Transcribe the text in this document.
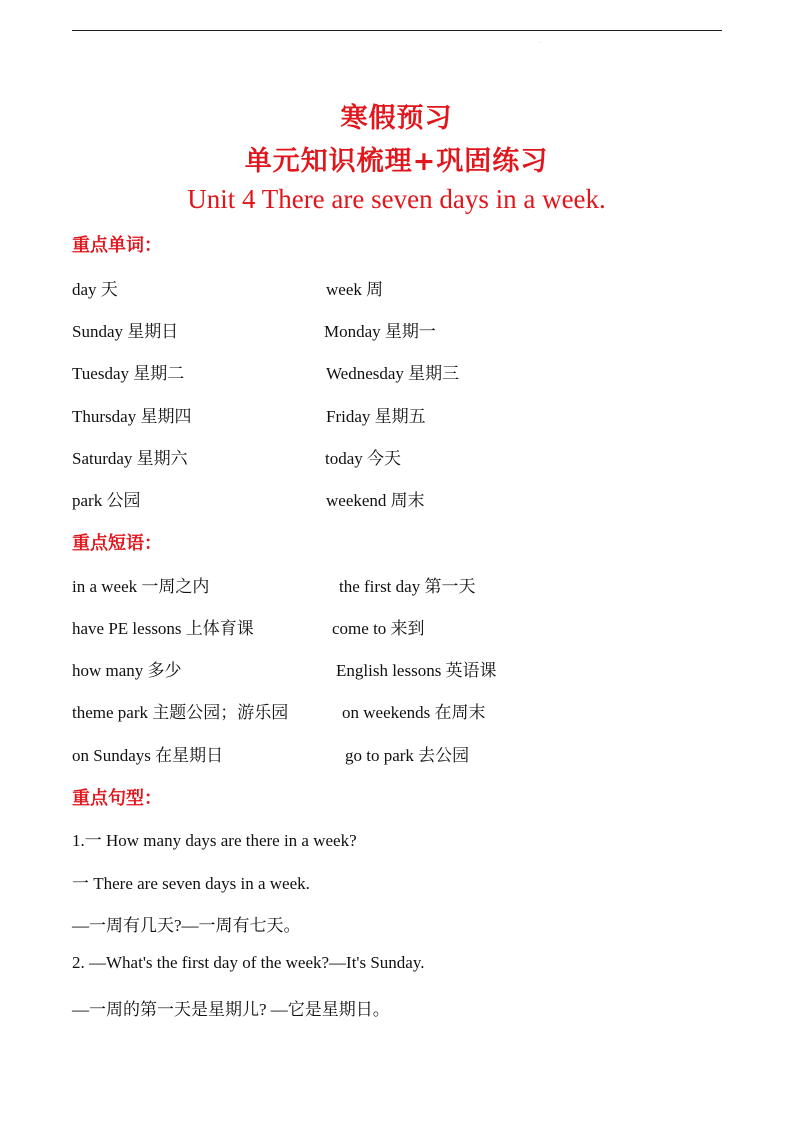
·
寒假预习
单元知识梳理+巩固练习
Unit 4 There are seven days in a week.
重点单词：
day 天	week 周
Sunday 星期日	Monday 星期一
Tuesday 星期二	Wednesday 星期三
Thursday 星期四	Friday 星期五
Saturday 星期六	today 今天
park 公园	weekend 周末
重点短语：
in a week 一周之内	the first day 第一天
have PE lessons 上体育课	come to 来到
how many 多少	English lessons 英语课
theme park 主题公园；游乐园	on weekends 在周末
on Sundays 在星期日	go to park 去公园
重点句型：
1.一 How many days are there in a week?
一 There are seven days in a week.
—一周有几天?—一周有七天。
2. —What's the first day of the week?—It's Sunday.
—一周的第一天是星期儿? —它是星期日。
